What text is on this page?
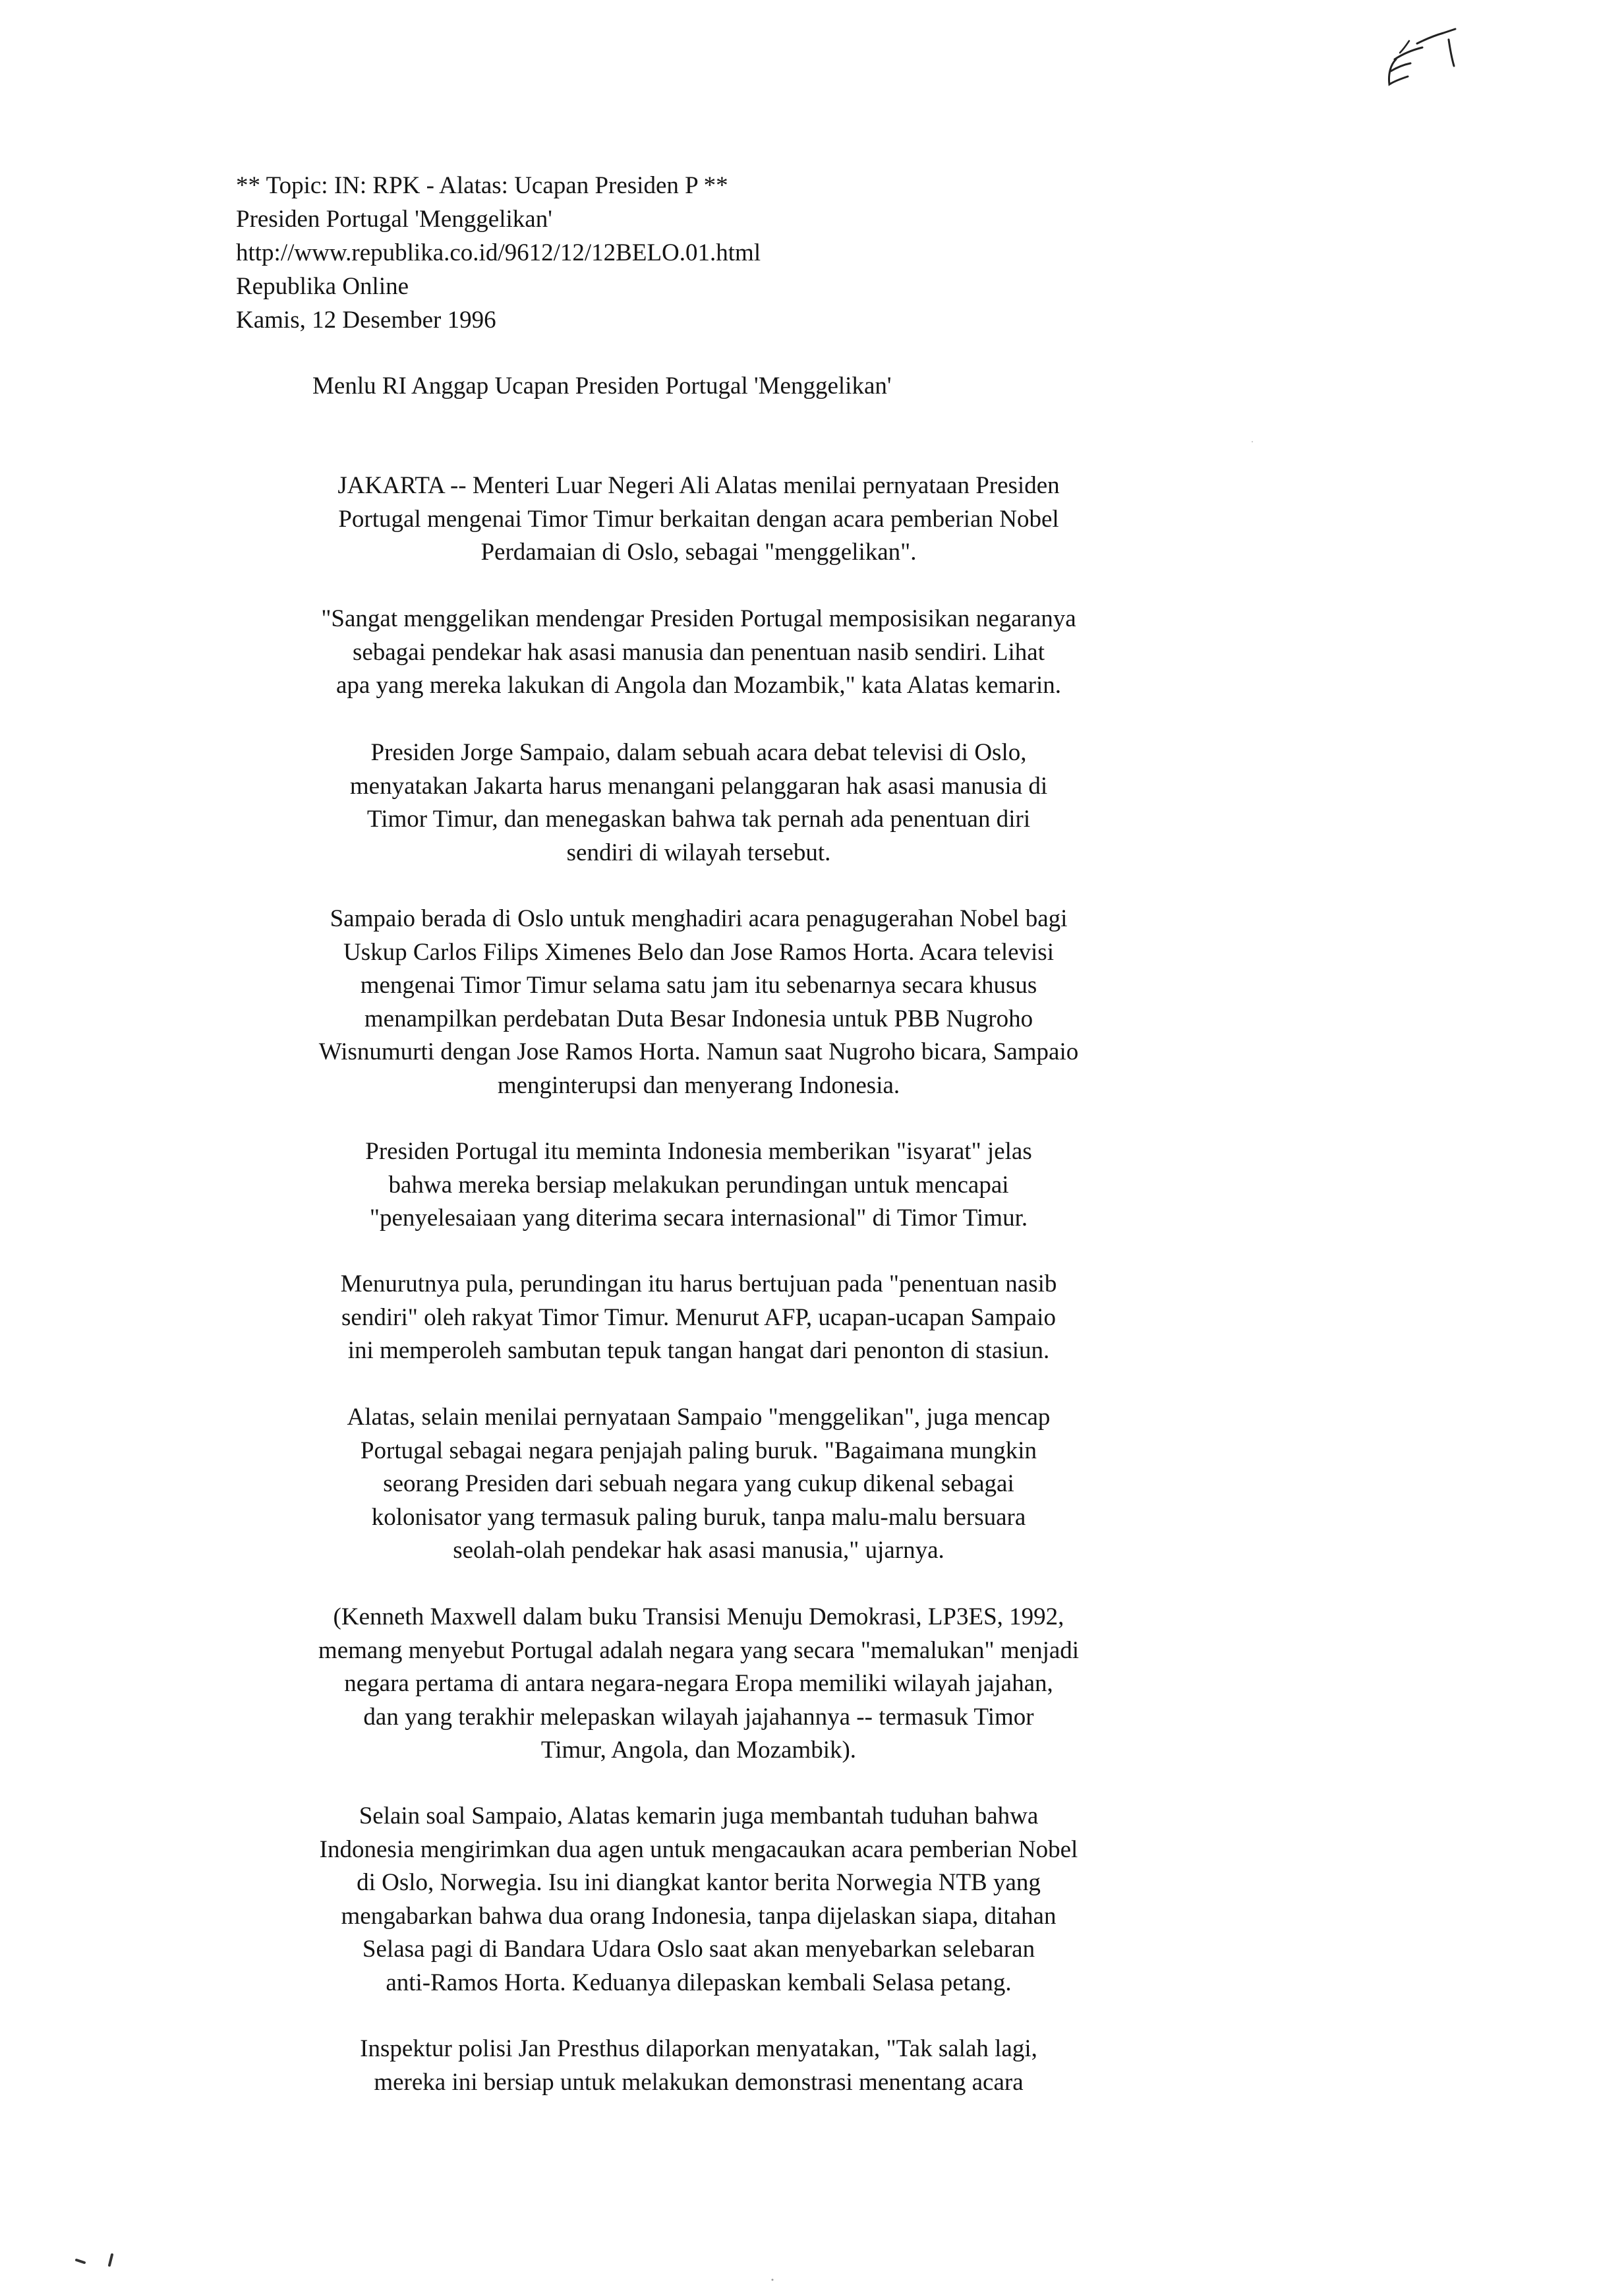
** Topic: IN: RPK - Alatas: Ucapan Presiden P **
Presiden Portugal 'Menggelikan'
http://www.republika.co.id/9612/12/12BELO.01.html
Republika Online
Kamis, 12 Desember 1996
Menlu RI Anggap Ucapan Presiden Portugal 'Menggelikan'
JAKARTA -- Menteri Luar Negeri Ali Alatas menilai pernyataan Presiden
Portugal mengenai Timor Timur berkaitan dengan acara pemberian Nobel
Perdamaian di Oslo, sebagai "menggelikan".
"Sangat menggelikan mendengar Presiden Portugal memposisikan negaranya
sebagai pendekar hak asasi manusia dan penentuan nasib sendiri. Lihat
apa yang mereka lakukan di Angola dan Mozambik," kata Alatas kemarin.
Presiden Jorge Sampaio, dalam sebuah acara debat televisi di Oslo,
menyatakan Jakarta harus menangani pelanggaran hak asasi manusia di
Timor Timur, dan menegaskan bahwa tak pernah ada penentuan diri
sendiri di wilayah tersebut.
Sampaio berada di Oslo untuk menghadiri acara penagugerahan Nobel bagi
Uskup Carlos Filips Ximenes Belo dan Jose Ramos Horta. Acara televisi
mengenai Timor Timur selama satu jam itu sebenarnya secara khusus
menampilkan perdebatan Duta Besar Indonesia untuk PBB Nugroho
Wisnumurti dengan Jose Ramos Horta. Namun saat Nugroho bicara, Sampaio
menginterupsi dan menyerang Indonesia.
Presiden Portugal itu meminta Indonesia memberikan "isyarat" jelas
bahwa mereka bersiap melakukan perundingan untuk mencapai
"penyelesaiaan yang diterima secara internasional" di Timor Timur.
Menurutnya pula, perundingan itu harus bertujuan pada "penentuan nasib
sendiri" oleh rakyat Timor Timur. Menurut AFP, ucapan-ucapan Sampaio
ini memperoleh sambutan tepuk tangan hangat dari penonton di stasiun.
Alatas, selain menilai pernyataan Sampaio "menggelikan", juga mencap
Portugal sebagai negara penjajah paling buruk. "Bagaimana mungkin
seorang Presiden dari sebuah negara yang cukup dikenal sebagai
kolonisator yang termasuk paling buruk, tanpa malu-malu bersuara
seolah-olah pendekar hak asasi manusia," ujarnya.
(Kenneth Maxwell dalam buku Transisi Menuju Demokrasi, LP3ES, 1992,
memang menyebut Portugal adalah negara yang secara "memalukan" menjadi
negara pertama di antara negara-negara Eropa memiliki wilayah jajahan,
dan yang terakhir melepaskan wilayah jajahannya -- termasuk Timor
Timur, Angola, dan Mozambik).
Selain soal Sampaio, Alatas kemarin juga membantah tuduhan bahwa
Indonesia mengirimkan dua agen untuk mengacaukan acara pemberian Nobel
di Oslo, Norwegia. Isu ini diangkat kantor berita Norwegia NTB yang
mengabarkan bahwa dua orang Indonesia, tanpa dijelaskan siapa, ditahan
Selasa pagi di Bandara Udara Oslo saat akan menyebarkan selebaran
anti-Ramos Horta. Keduanya dilepaskan kembali Selasa petang.
Inspektur polisi Jan Presthus dilaporkan menyatakan, "Tak salah lagi,
mereka ini bersiap untuk melakukan demonstrasi menentang acara
